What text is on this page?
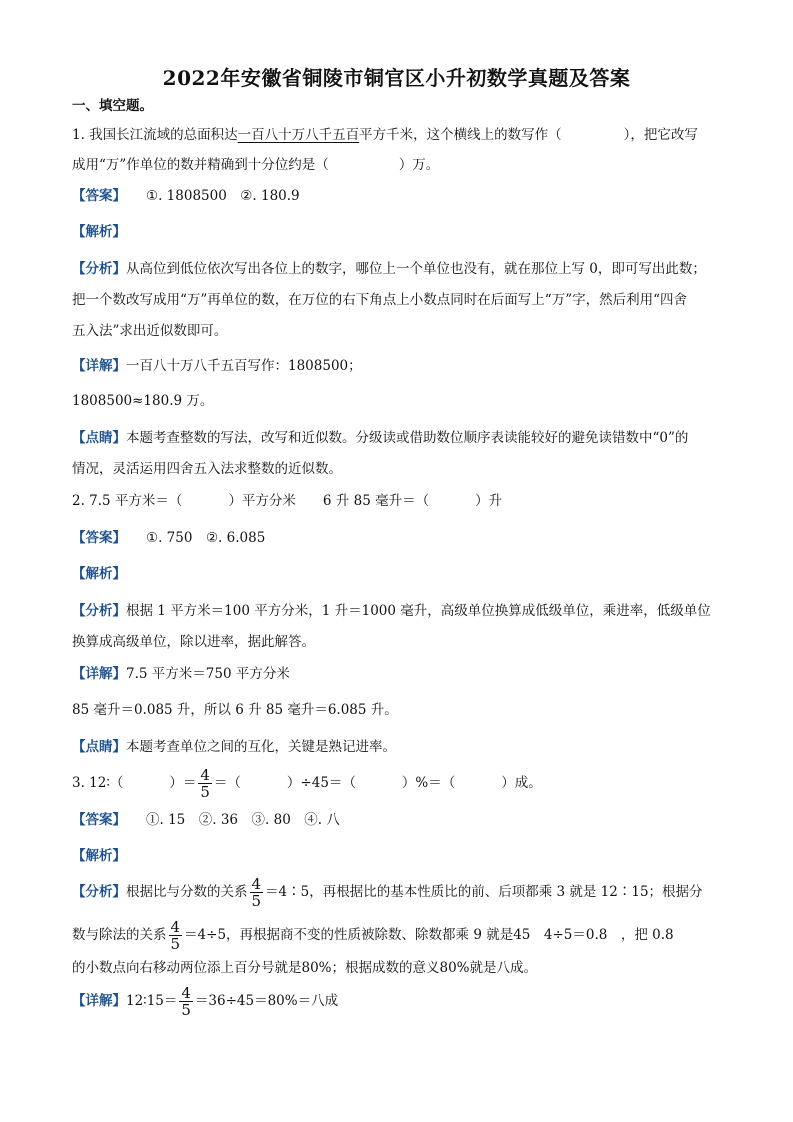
2022年安徽省铜陵市铜官区小升初数学真题及答案
一、填空题。
1. 我国长江流域的总面积达一百八十万八千五百平方千米，这个横线上的数写作（	），把它改写
成用“万”作单位的数并精确到十分位约是（	）万。
【答案】 ①. 1808500　②. 180.9
【解析】
【分析】从高位到低位依次写出各位上的数字，哪位上一个单位也没有，就在那位上写 0，即可写出此数；
把一个数改写成用“万”再单位的数，在万位的右下角点上小数点同时在后面写上“万”字，然后利用“四舍
五入法”求出近似数即可。
【详解】一百八十万八千五百写作：1808500；
1808500≈180.9 万。
【点睛】本题考查整数的写法，改写和近似数。分级读或借助数位顺序表读能较好的避免读错数中“0”的
情况，灵活运用四舍五入法求整数的近似数。
2. 7.5 平方米＝（	）平方分米　　6 升 85 毫升＝（	）升
【答案】 ①. 750　②. 6.085
【解析】
【分析】根据 1 平方米＝100 平方分米，1 升＝1000 毫升，高级单位换算成低级单位，乘进率，低级单位
换算成高级单位，除以进率，据此解答。
【详解】7.5 平方米＝750 平方分米
85 毫升＝0.085 升，所以 6 升 85 毫升＝6.085 升。
【点睛】本题考查单位之间的互化，关键是熟记进率。
3. 12∶（	）＝ $\frac{4}{5}$ ＝（	）÷45＝（	）%＝（	）成。
【答案】 ①. 15　②. 36　③. 80　④. 八
【解析】
【分析】根据比与分数的关系 $\frac{4}{5}$ ＝4∶5，再根据比的基本性质比的前、后项都乘 3 就是 12∶15；根据分
数与除法的关系 $\frac{4}{5} =4\div 5$，再根据商不变的性质被除数、除数都乘 9 就是45　4÷5＝0.8　，把 0.8
的小数点向右移动两位添上百分号就是80%；根据成数的意义80%就是八成。
【详解】12∶15＝ $\frac{4}{5} =36\div 45=80\%=$八成
